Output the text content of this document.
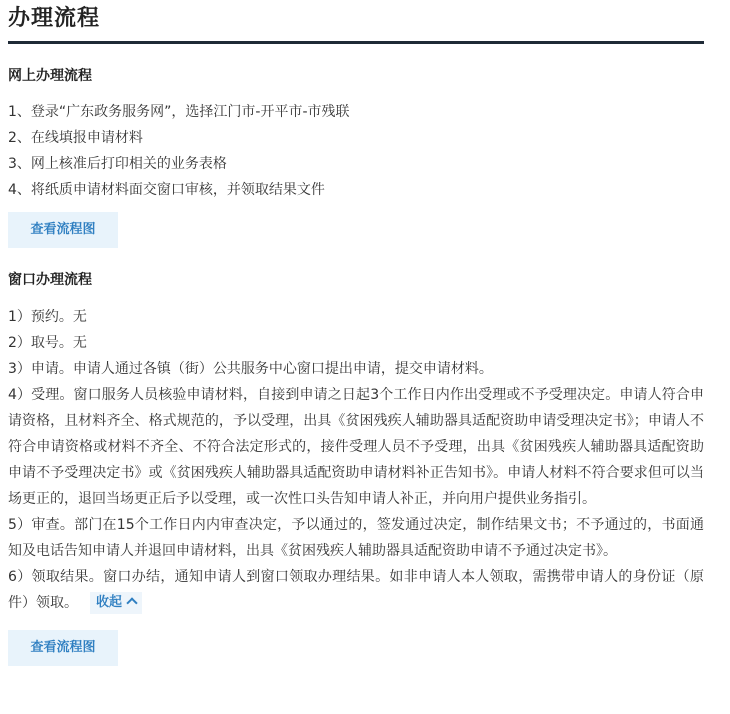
办理流程
网上办理流程
1、登录“广东政务服务网”，选择江门市-开平市-市残联
2、在线填报申请材料
3、网上核准后打印相关的业务表格
4、将纸质申请材料面交窗口审核，并领取结果文件
查看流程图
窗口办理流程
1）预约。无
2）取号。无
3）申请。申请人通过各镇（街）公共服务中心窗口提出申请，提交申请材料。
4）受理。窗口服务人员核验申请材料，自接到申请之日起3个工作日内作出受理或不予受理决定。申请人符合申请资格，且材料齐全、格式规范的，予以受理，出具《贫困残疾人辅助器具适配资助申请受理决定书》；申请人不符合申请资格或材料不齐全、不符合法定形式的，接件受理人员不予受理，出具《贫困残疾人辅助器具适配资助申请不予受理决定书》或《贫困残疾人辅助器具适配资助申请材料补正告知书》。申请人材料不符合要求但可以当场更正的，退回当场更正后予以受理，或一次性口头告知申请人补正，并向用户提供业务指引。
5）审查。部门在15个工作日内内审查决定，予以通过的，签发通过决定，制作结果文书；不予通过的，书面通知及电话告知申请人并退回申请材料，出具《贫困残疾人辅助器具适配资助申请不予通过决定书》。
6）领取结果。窗口办结，通知申请人到窗口领取办理结果。如非申请人本人领取，需携带申请人的身份证（原件）领取。 收起
查看流程图
